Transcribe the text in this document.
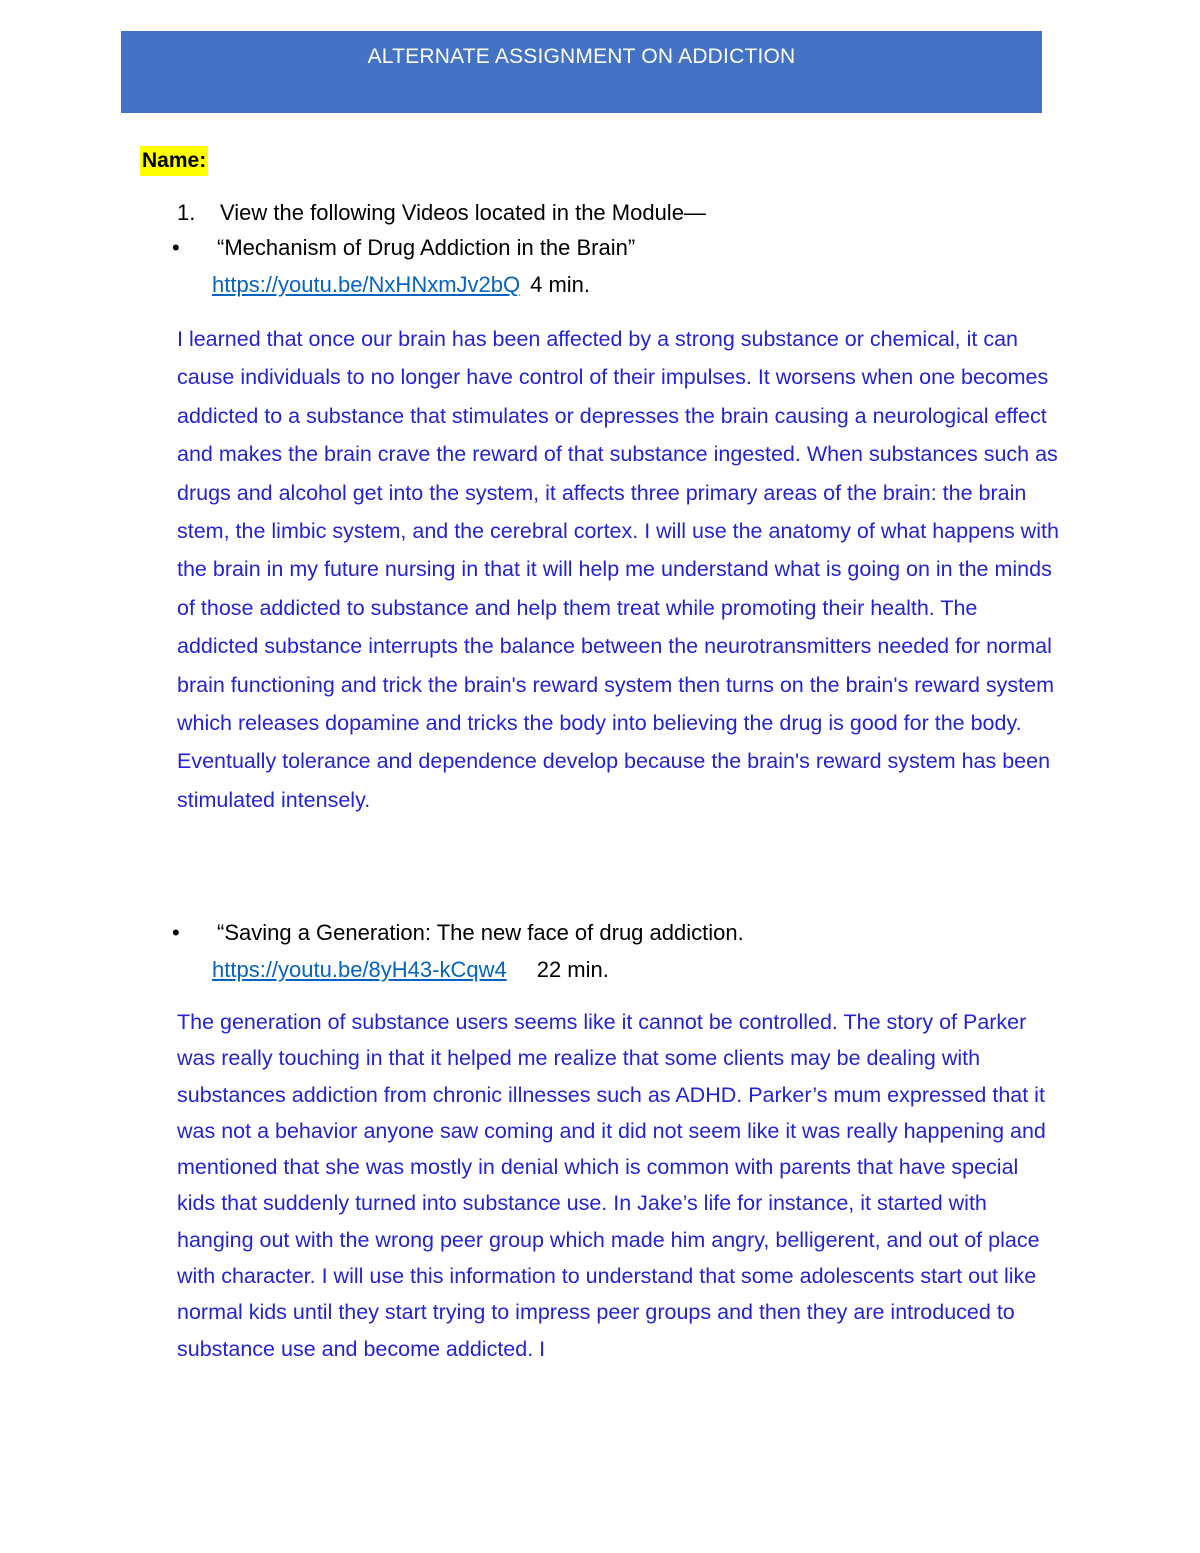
ALTERNATE ASSIGNMENT ON ADDICTION
Name:
1. View the following Videos located in the Module—
• “Mechanism of Drug Addiction in the Brain”
https://youtu.be/NxHNxmJv2bQ 4 min.

I learned that once our brain has been affected by a strong substance or chemical, it can cause individuals to no longer have control of their impulses. It worsens when one becomes addicted to a substance that stimulates or depresses the brain causing a neurological effect and makes the brain crave the reward of that substance ingested. When substances such as drugs and alcohol get into the system, it affects three primary areas of the brain: the brain stem, the limbic system, and the cerebral cortex. I will use the anatomy of what happens with the brain in my future nursing in that it will help me understand what is going on in the minds of those addicted to substance and help them treat while promoting their health. The addicted substance interrupts the balance between the neurotransmitters needed for normal brain functioning and trick the brain's reward system then turns on the brain's reward system which releases dopamine and tricks the body into believing the drug is good for the body. Eventually tolerance and dependence develop because the brain's reward system has been stimulated intensely.

• “Saving a Generation: The new face of drug addiction.
https://youtu.be/8yH43-kCqw4 22 min.

The generation of substance users seems like it cannot be controlled. The story of Parker was really touching in that it helped me realize that some clients may be dealing with substances addiction from chronic illnesses such as ADHD. Parker’s mum expressed that it was not a behavior anyone saw coming and it did not seem like it was really happening and mentioned that she was mostly in denial which is common with parents that have special kids that suddenly turned into substance use. In Jake’s life for instance, it started with hanging out with the wrong peer group which made him angry, belligerent, and out of place with character. I will use this information to understand that some adolescents start out like normal kids until they start trying to impress peer groups and then they are introduced to substance use and become addicted. I
